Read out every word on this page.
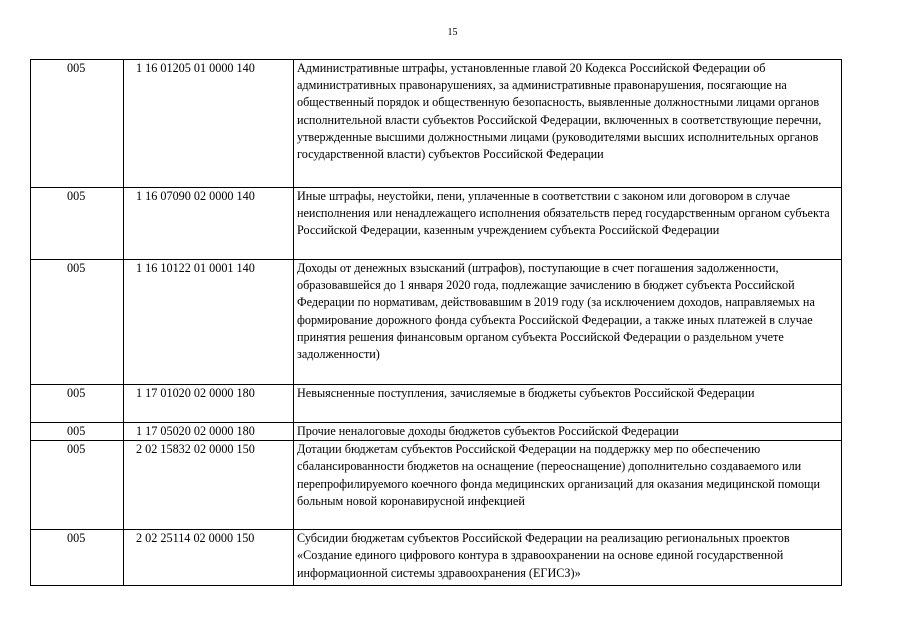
15
005	1 16 01205 01 0000 140	Административные штрафы, установленные главой 20 Кодекса Российской Федерации об административных правонарушениях, за административные правонарушения, посягающие на общественный порядок и общественную безопасность, выявленные должностными лицами органов исполнительной власти субъектов Российской Федерации, включенных в соответствующие перечни, утвержденные высшими должностными лицами (руководителями высших исполнительных органов государственной власти) субъектов Российской Федерации
005	1 16 07090 02 0000 140	Иные штрафы, неустойки, пени, уплаченные в соответствии с законом или договором в случае неисполнения или ненадлежащего исполнения обязательств перед государственным органом субъекта Российской Федерации, казенным учреждением субъекта Российской Федерации
005	1 16 10122 01 0001 140	Доходы от денежных взысканий (штрафов), поступающие в счет погашения задолженности, образовавшейся до 1 января 2020 года, подлежащие зачислению в бюджет субъекта Российской Федерации по нормативам, действовавшим в 2019 году (за исключением доходов, направляемых на формирование дорожного фонда субъекта Российской Федерации, а также иных платежей в случае принятия решения финансовым органом субъекта Российской Федерации о раздельном учете задолженности)
005	1 17 01020 02 0000 180	Невыясненные поступления, зачисляемые в бюджеты субъектов Российской Федерации
005	1 17 05020 02 0000 180	Прочие неналоговые доходы бюджетов субъектов Российской Федерации
005	2 02 15832 02 0000 150	Дотации бюджетам субъектов Российской Федерации на поддержку мер по обеспечению сбалансированности бюджетов на оснащение (переоснащение) дополнительно создаваемого или перепрофилируемого коечного фонда медицинских организаций для оказания медицинской помощи больным новой коронавирусной инфекцией
005	2 02 25114 02 0000 150	Субсидии бюджетам субъектов Российской Федерации на реализацию региональных проектов «Создание единого цифрового контура в здравоохранении на основе единой государственной информационной системы здравоохранения (ЕГИСЗ)»
